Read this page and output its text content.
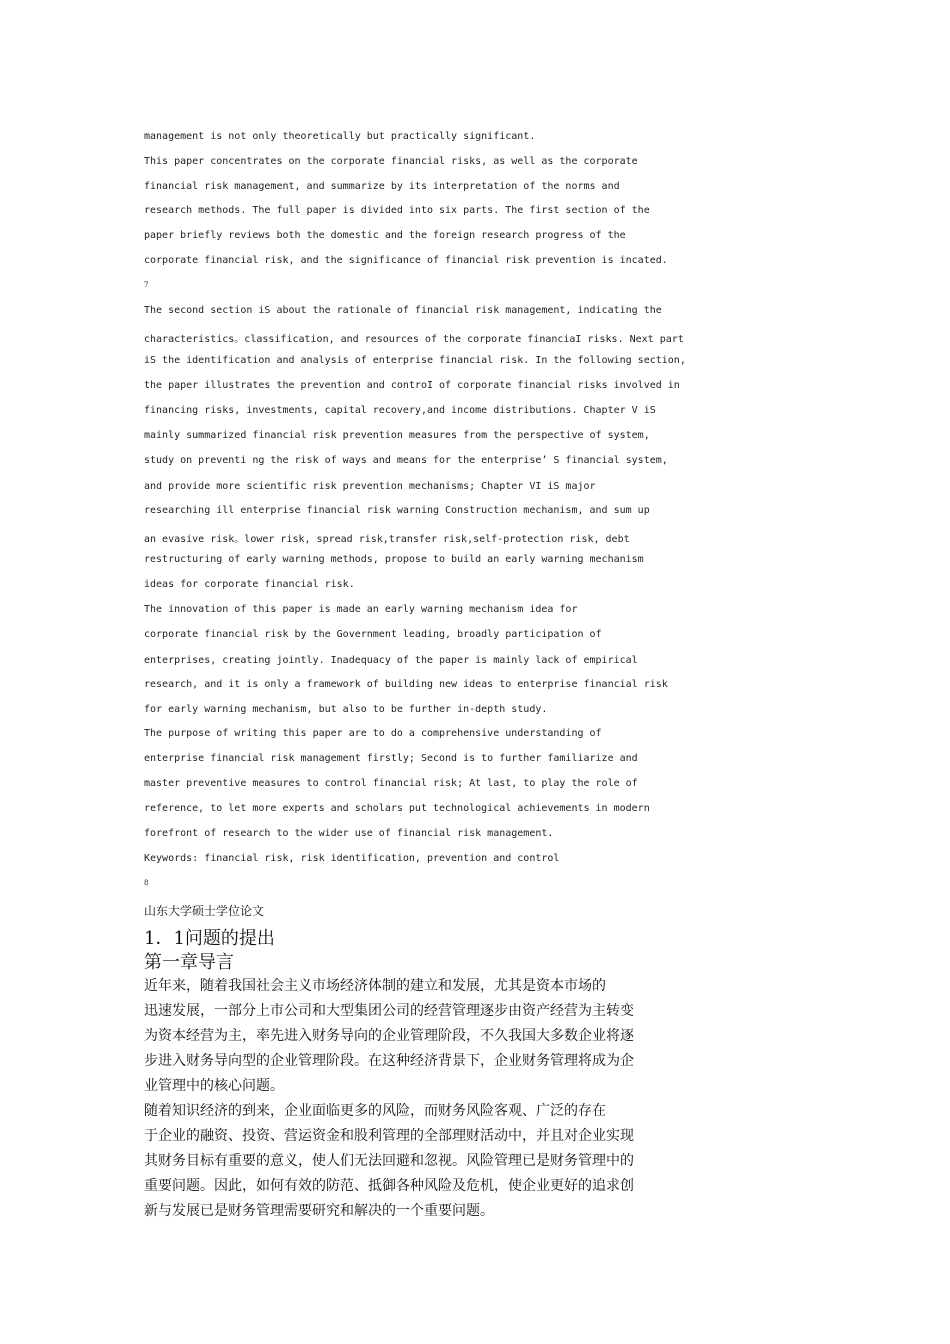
management is not only theoretically but practically significant.
This paper concentrates on the corporate financial risks, as well as the corporate
financial risk management, and summarize by its interpretation of the norms and
research methods. The full paper is divided into six parts. The first section of the
paper briefly reviews both the domestic and the foreign research progress of the
corporate financial risk, and the significance of financial risk prevention is incated.
7
The second section iS about the rationale of financial risk management, indicating the
characteristics。classification, and resources of the corporate financiaI risks. Next part
iS the identification and analysis of enterprise financial risk. In the following section,
the paper illustrates the prevention and controI of corporate financial risks involved in
financing risks, investments, capital recovery,and income distributions. Chapter V iS
mainly summarized financial risk prevention measures from the perspective of system,
study on preventi ng the risk of ways and means for the enterprise’ S financial system,
and provide more scientific risk prevention mechanisms; Chapter VI iS major
researching ill enterprise financial risk warning Construction mechanism, and sum up
an evasive risk。lower risk, spread risk,transfer risk,self-protection risk, debt
restructuring of early warning methods, propose to build an early warning mechanism
ideas for corporate financial risk.
The innovation of this paper is made an early warning mechanism idea for
corporate financial risk by the Government leading, broadly participation of
enterprises, creating jointly. Inadequacy of the paper is mainly lack of empirical
research, and it is only a framework of building new ideas to enterprise financial risk
for early warning mechanism, but also to be further in-depth study.
The purpose of writing this paper are to do a comprehensive understanding of
enterprise financial risk management firstly; Second is to further familiarize and
master preventive measures to control financial risk; At last, to play the role of
reference, to let more experts and scholars put technological achievements in modern
forefront of research to the wider use of financial risk management.
Keywords: financial risk, risk identification, prevention and control
8
山东大学硕士学位论文
1．1问题的提出
第一章导言
近年来，随着我国社会主义市场经济体制的建立和发展，尤其是资本市场的
迅速发展，一部分上市公司和大型集团公司的经营管理逐步由资产经营为主转变
为资本经营为主，率先进入财务导向的企业管理阶段，不久我国大多数企业将逐
步进入财务导向型的企业管理阶段。在这种经济背景下，企业财务管理将成为企
业管理中的核心问题。
随着知识经济的到来，企业面临更多的风险，而财务风险客观、广泛的存在
于企业的融资、投资、营运资金和股利管理的全部理财活动中，并且对企业实现
其财务目标有重要的意义，使人们无法回避和忽视。风险管理已是财务管理中的
重要问题。因此，如何有效的防范、抵御各种风险及危机，使企业更好的追求创
新与发展已是财务管理需要研究和解决的一个重要问题。
